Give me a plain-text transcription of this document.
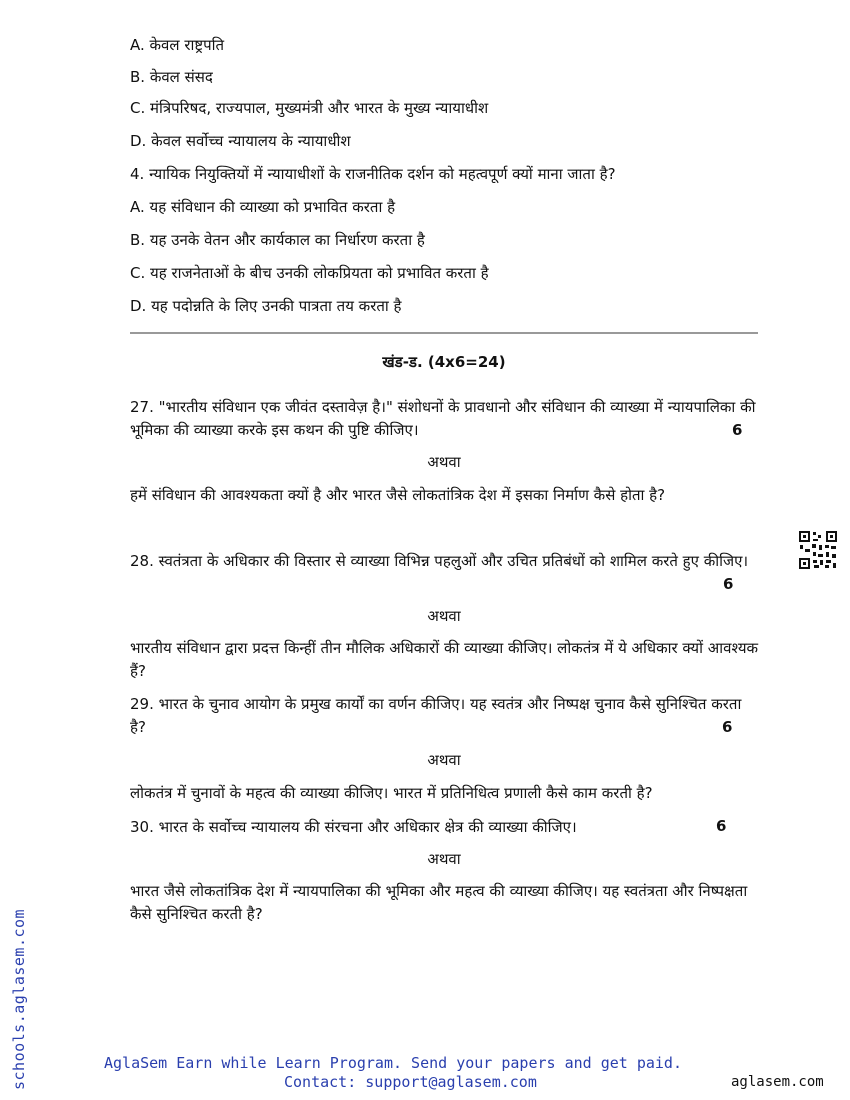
A. केवल राष्ट्रपति
B. केवल संसद
C. मंत्रिपरिषद, राज्यपाल, मुख्यमंत्री और भारत के मुख्य न्यायाधीश
D. केवल सर्वोच्च न्यायालय के न्यायाधीश
4. न्यायिक नियुक्तियों में न्यायाधीशों के राजनीतिक दर्शन को महत्वपूर्ण क्यों माना जाता है?
A. यह संविधान की व्याख्या को प्रभावित करता है
B. यह उनके वेतन और कार्यकाल का निर्धारण करता है
C. यह राजनेताओं के बीच उनकी लोकप्रियता को प्रभावित करता है
D. यह पदोन्नति के लिए उनकी पात्रता तय करता है
खंड-ड. (4x6=24)
27. "भारतीय संविधान एक जीवंत दस्तावेज़ है।" संशोधनों के प्रावधानो और संविधान की व्याख्या में न्यायपालिका की भूमिका की व्याख्या करके इस कथन की पुष्टि कीजिए।	6
अथवा
हमें संविधान की आवश्यकता क्यों है और भारत जैसे लोकतांत्रिक देश में इसका निर्माण कैसे होता है?
28. स्वतंत्रता के अधिकार की विस्तार से व्याख्या विभिन्न पहलुओं और उचित प्रतिबंधों को शामिल करते हुए कीजिए।
6
अथवा
भारतीय संविधान द्वारा प्रदत्त किन्हीं तीन मौलिक अधिकारों की व्याख्या कीजिए। लोकतंत्र में ये अधिकार क्यों आवश्यक हैं?
29. भारत के चुनाव आयोग के प्रमुख कार्यों का वर्णन कीजिए। यह स्वतंत्र और निष्पक्ष चुनाव कैसे सुनिश्चित करता है?	6
अथवा
लोकतंत्र में चुनावों के महत्व की व्याख्या कीजिए। भारत में प्रतिनिधित्व प्रणाली कैसे काम करती है?
30. भारत के सर्वोच्च न्यायालय की संरचना और अधिकार क्षेत्र की व्याख्या कीजिए।	6
अथवा
भारत जैसे लोकतांत्रिक देश में न्यायपालिका की भूमिका और महत्व की व्याख्या कीजिए। यह स्वतंत्रता और निष्पक्षता कैसे सुनिश्चित करती है?
schools.aglasem.com	AglaSem Earn while Learn Program. Send your papers and get paid.
Contact: support@aglasem.com	aglasem.com
